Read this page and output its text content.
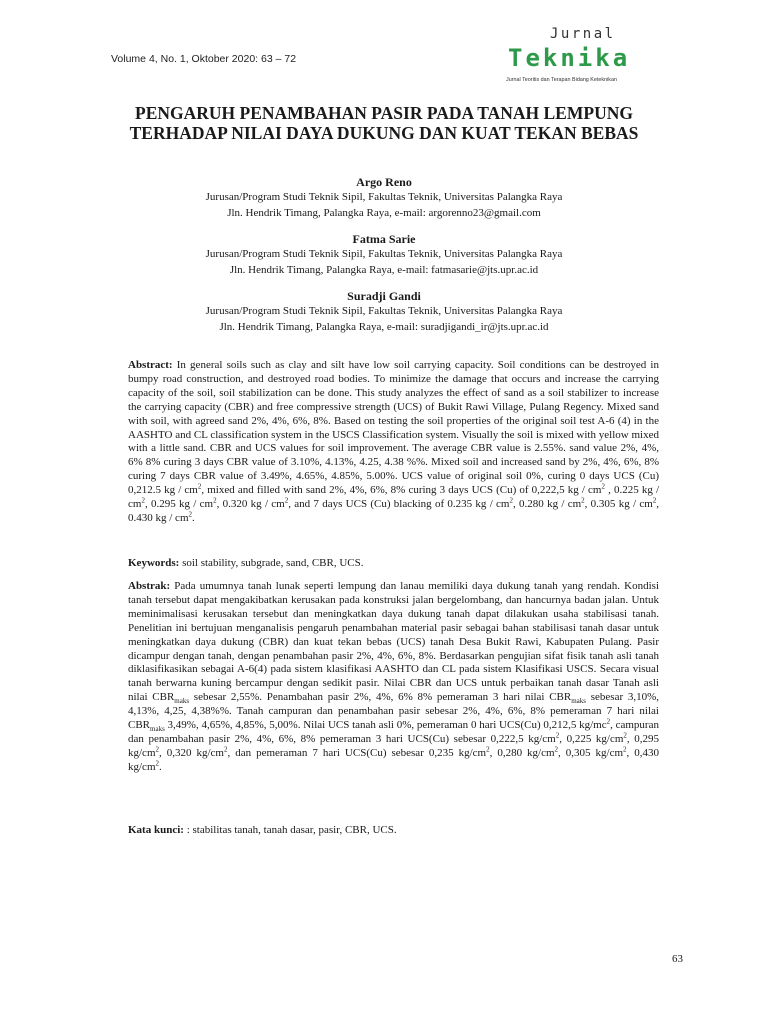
Volume 4, No. 1, Oktober 2020: 63 – 72
Jurnal
Teknika
Jurnal Teoritis dan Terapan Bidang Keteknikan
PENGARUH PENAMBAHAN PASIR PADA TANAH LEMPUNG
TERHADAP NILAI DAYA DUKUNG DAN KUAT TEKAN BEBAS
Argo Reno
Jurusan/Program Studi Teknik Sipil, Fakultas Teknik, Universitas Palangka Raya
Jln. Hendrik Timang, Palangka Raya, e-mail: argorenno23@gmail.com
Fatma Sarie
Jurusan/Program Studi Teknik Sipil, Fakultas Teknik, Universitas Palangka Raya
Jln. Hendrik Timang, Palangka Raya, e-mail: fatmasarie@jts.upr.ac.id
Suradji Gandi
Jurusan/Program Studi Teknik Sipil, Fakultas Teknik, Universitas Palangka Raya
Jln. Hendrik Timang, Palangka Raya, e-mail: suradjigandi_ir@jts.upr.ac.id

Abstract: In general soils such as clay and silt have low soil carrying capacity. Soil conditions can be destroyed in bumpy road construction, and destroyed road bodies. To minimize the damage that occurs and increase the carrying capacity of the soil, soil stabilization can be done. This study analyzes the effect of sand as a soil stabilizer to increase the carrying capacity (CBR) and free compressive strength (UCS) of Bukit Rawi Village, Pulang Regency. Mixed sand with soil, with agreed sand 2%, 4%, 6%, 8%. Based on testing the soil properties of the original soil test A-6 (4) in the AASHTO and CL classification system in the USCS Classification system. Visually the soil is mixed with yellow mixed with a little sand. CBR and UCS values for soil improvement. The average CBR value is 2.55%. sand value 2%, 4%, 6% 8% curing 3 days CBR value of 3.10%, 4.13%, 4.25, 4.38 %%. Mixed soil and increased sand by 2%, 4%, 6%, 8% curing 7 days CBR value of 3.49%, 4.65%, 4.85%, 5.00%. UCS value of original soil 0%, curing 0 days UCS (Cu) 0,212.5 kg / $cm^2$, mixed and filled with sand 2%, 4%, 6%, 8% curing 3 days UCS (Cu) of 0,222,5 kg / $cm^2$ , 0.225 kg / $cm^2$, 0.295 kg / $cm^2$, 0.320 kg / $cm^2$, and 7 days UCS (Cu) blacking of 0.235 kg / $cm^2$, 0.280 kg / $cm^2$, 0.305 kg / $cm^2$, 0.430 kg / $cm^2$.

Keywords: soil stability, subgrade, sand, CBR, UCS.

Abstrak: Pada umumnya tanah lunak seperti lempung dan lanau memiliki daya dukung tanah yang rendah. Kondisi tanah tersebut dapat mengakibatkan kerusakan pada konstruksi jalan bergelombang, dan hancurnya badan jalan. Untuk meminimalisasi kerusakan tersebut dan meningkatkan daya dukung tanah dapat dilakukan usaha stabilisasi tanah. Penelitian ini bertujuan menganalisis pengaruh penambahan material pasir sebagai bahan stabilisasi tanah dasar untuk meningkatkan daya dukung (CBR) dan kuat tekan bebas (UCS) tanah Desa Bukit Rawi, Kabupaten Pulang. Pasir dicampur dengan tanah, dengan penambahan pasir 2%, 4%, 6%, 8%. Berdasarkan pengujian sifat fisik tanah asli tanah diklasifikasikan sebagai A-6(4) pada sistem klasifikasi AASHTO dan CL pada sistem Klasifikasi USCS. Secara visual tanah berwarna kuning bercampur dengan sedikit pasir. Nilai CBR dan UCS untuk perbaikan tanah dasar Tanah asli nilai $CBR_{maks}$ sebesar 2,55%. Penambahan pasir 2%, 4%, 6% 8% pemeraman 3 hari nilai $CBR_{maks}$ sebesar 3,10%, 4,13%, 4,25, 4,38%%. Tanah campuran dan penambahan pasir sebesar 2%, 4%, 6%, 8% pemeraman 7 hari nilai $CBR_{maks}$ 3,49%, 4,65%, 4,85%, 5,00%. Nilai UCS tanah asli 0%, pemeraman 0 hari UCS(Cu) 0,212,5 $kg/mc^2$, campuran dan penambahan pasir 2%, 4%, 6%, 8% pemeraman 3 hari UCS(Cu) sebesar 0,222,5 $kg/cm^2$, 0,225 $kg/cm^2$, 0,295 $kg/cm^2$, 0,320 $kg/cm^2$, dan pemeraman 7 hari UCS(Cu) sebesar 0,235 $kg/cm^2$, 0,280 $kg/cm^2$, 0,305 $kg/cm^2$, 0,430 $kg/cm^2$.

Kata kunci: : stabilitas tanah, tanah dasar, pasir, CBR, UCS.
63
